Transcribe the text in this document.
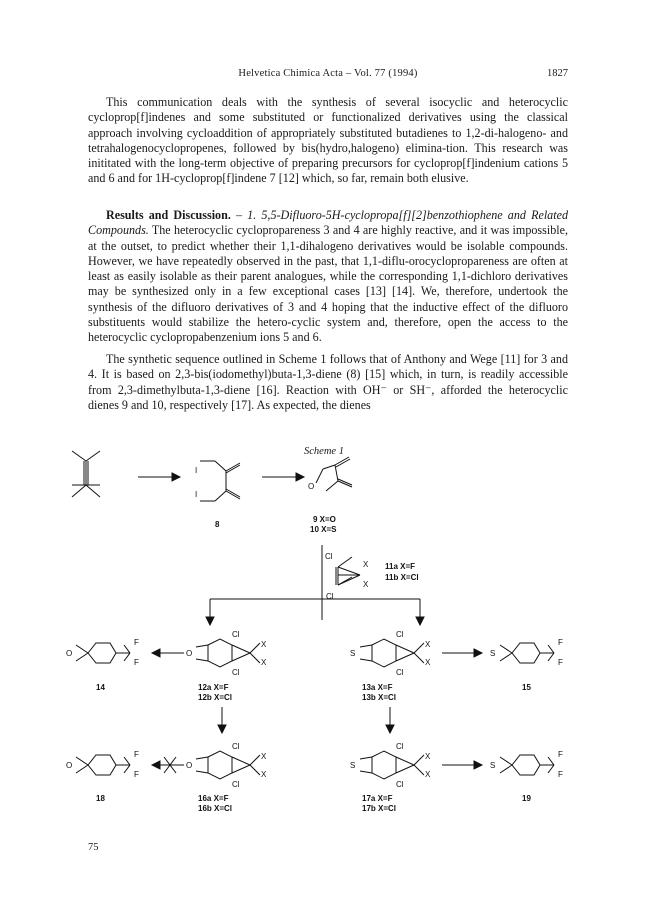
Helvetica Chimica Acta – Vol. 77 (1994)	1827

This communication deals with the synthesis of several isocyclic and heterocyclic cycloprop[f]indenes and some substituted or functionalized derivatives using the classical approach involving cycloaddition of appropriately substituted butadienes to 1,2-di-halogeno- and tetrahalogenocyclopropenes, followed by bis(hydro,halogeno) elimina-tion. This research was inititated with the long-term objective of preparing precursors for cycloprop[f]indenium cations 5 and 6 and for 1H-cycloprop[f]indene 7 [12] which, so far, remain both elusive.

Results and Discussion. – 1. 5,5-Difluoro-5H-cyclopropa[f][2]benzothiophene and Related Compounds. The heterocyclic cyclopropareness 3 and 4 are highly reactive, and it was impossible, at the outset, to predict whether their 1,1-dihalogeno derivatives would be isolable compounds. However, we have repeatedly observed in the past, that 1,1-diflu-orocyclopropareness are often at least as easily isolable as their parent analogues, while the corresponding 1,1-dichloro derivatives may be synthesized only in a few exceptional cases [13] [14]. We, therefore, undertook the synthesis of the difluoro derivatives of 3 and 4 hoping that the inductive effect of the difluoro substituents would stabilize the hetero-cyclic system and, therefore, open the access to the heterocyclic cyclopropabenzenium ions 5 and 6.

The synthetic sequence outlined in Scheme 1 follows that of Anthony and Wege [11] for 3 and 4. It is based on 2,3-bis(iodomethyl)buta-1,3-diene (8) [15] which, in turn, is readily accessible from 2,3-dimethylbuta-1,3-diene [16]. Reaction with OH⁻ or SH⁻, afforded the heterocyclic dienes 9 and 10, respectively [17]. As expected, the dienes

Scheme 1
I
I
8
O
9 X=O
10 X=S
Cl
Cl
X
X
11a X=F
11b X=Cl
O
F
F
14
O
Cl
Cl
X
X
12a X=F
12b X=Cl
S
Cl
Cl
X
X
13a X=F
13b X=Cl
S
F
F
15
O
F
F
18
O
Cl
Cl
X
X
16a X=F
16b X=Cl
S
Cl
Cl
X
X
17a X=F
17b X=Cl
S
F
F
19
75
